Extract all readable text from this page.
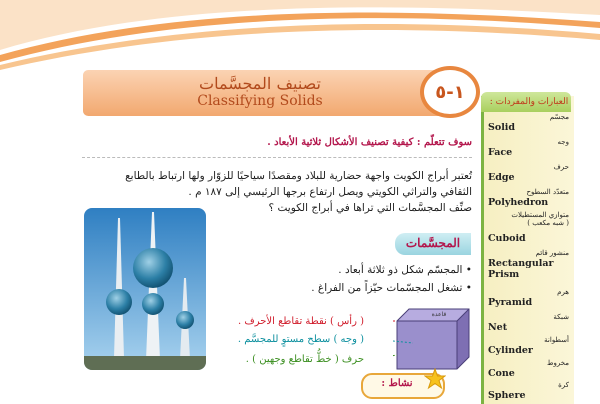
تصنيف المجسَّمات
Classifying Solids	١-٥
سوف تتعلّم : كيفية تصنيف الأشكال ثلاثية الأبعاد .
تُعتبر أبراج الكويت واجهة حضارية للبلاد ومقصدًا سياحيًا للزوّار ولها ارتباط بالطابع
الثقافي والتراثي الكويتي ويصل ارتفاع برجها الرئيسي إلى ١٨٧ م .
صنِّف المجسَّمات التي تراها في أبراج الكويت ؟
المجسَّمات
• المجسّم شكل ذو ثلاثة أبعاد .
• تشغل المجسّمات حيّزاً من الفراغ .
قاعدة
( رأس ) نقطة تقاطع الأحرف .
( وجه ) سطح مستوٍ للمجسَّم .
حرف ( خطُّ تقاطع وجهين ) .
نشاط :
العبارات والمفردات :
مجسّم
Solid
وجه
Face
حرف
Edge
متعدّد السطوح
Polyhedron
متوازي المستطيلات ( شبه مكعب )
Cuboid
منشور قائم
Rectangular Prism
هرم
Pyramid
شبكة
Net
أسطوانة
Cylinder
مخروط
Cone
كرة
Sphere
